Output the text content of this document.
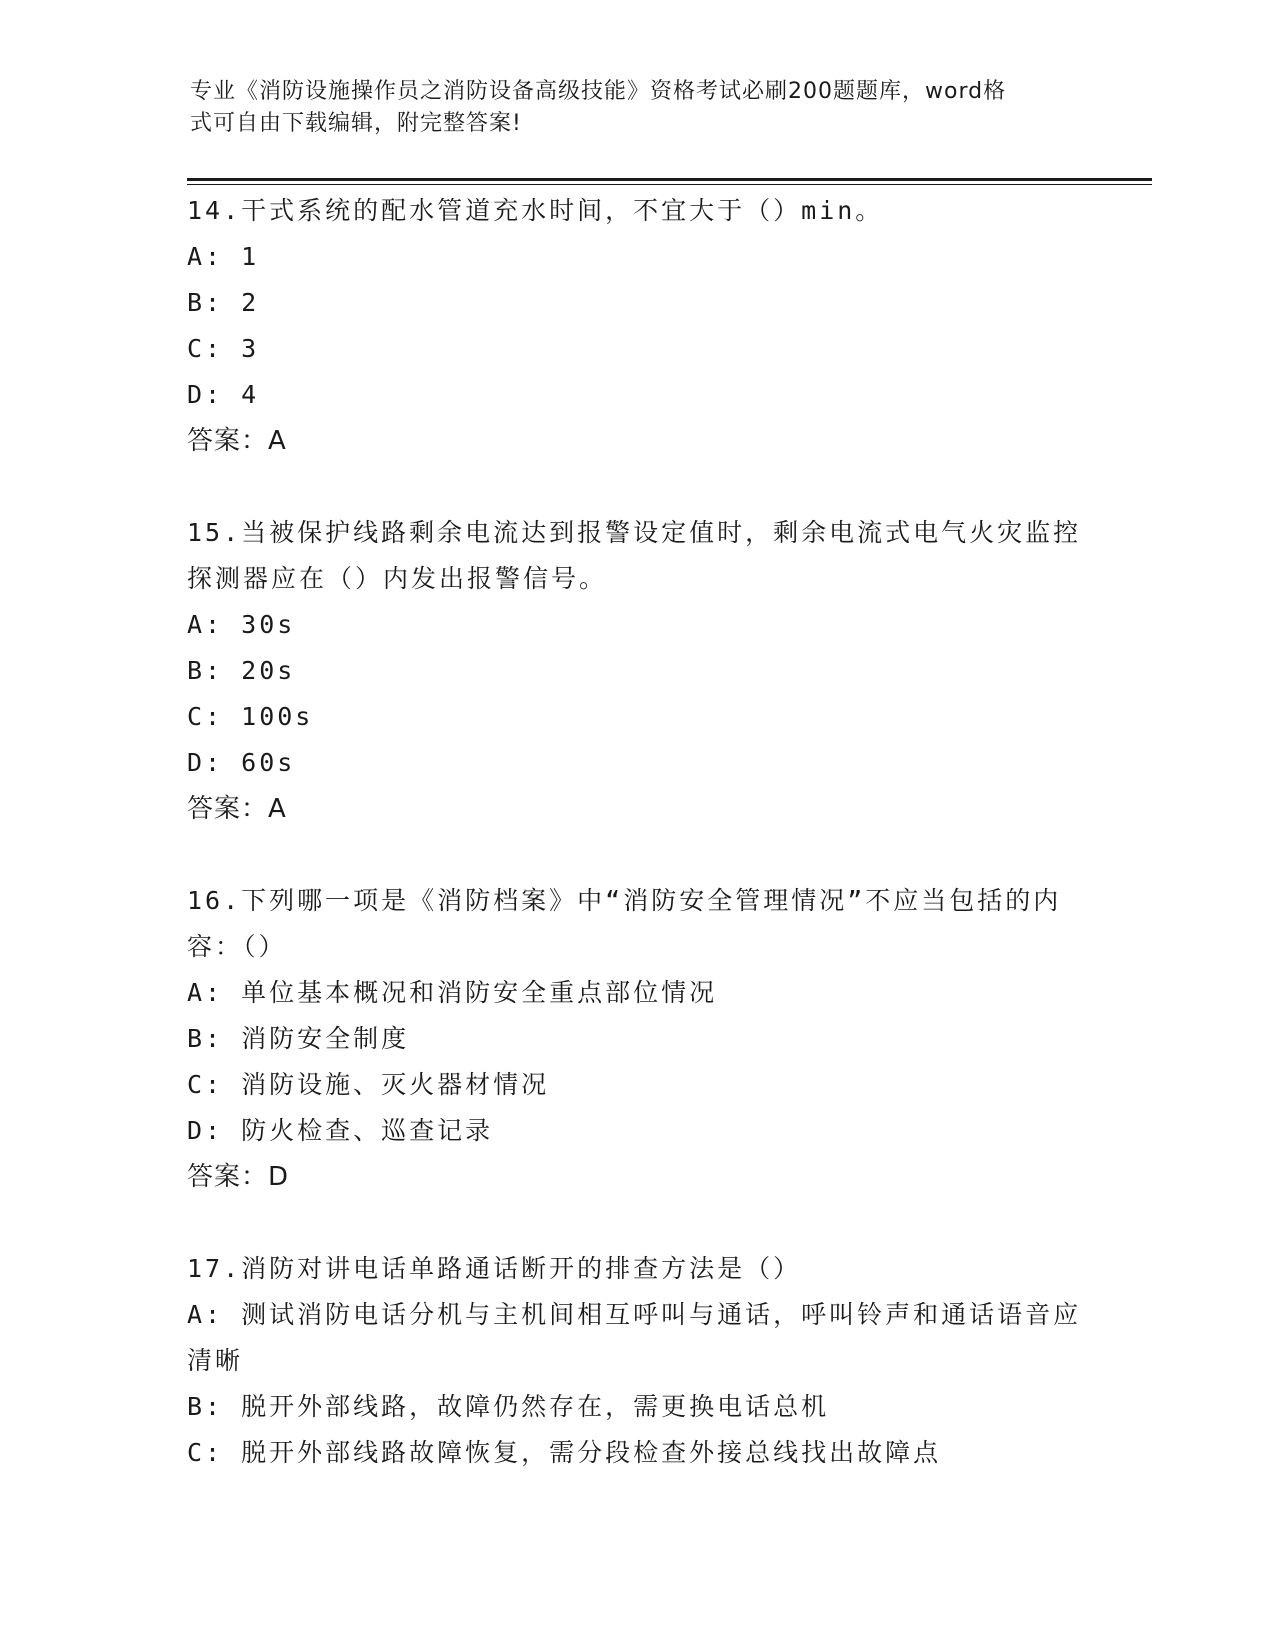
专业《消防设施操作员之消防设备高级技能》资格考试必刷200题题库，word格
式可自由下载编辑，附完整答案!

14.干式系统的配水管道充水时间，不宜大于（）min。

A: 1

B: 2

C: 3

D: 4

答案：A

15.当被保护线路剩余电流达到报警设定值时，剩余电流式电气火灾监控探测器应在（）内发出报警信号。

A: 30s

B: 20s

C: 100s

D: 60s

答案：A

16.下列哪一项是《消防档案》中“消防安全管理情况”不应当包括的内容：（）

A: 单位基本概况和消防安全重点部位情况

B: 消防安全制度

C: 消防设施、灭火器材情况

D: 防火检查、巡查记录

答案：D

17.消防对讲电话单路通话断开的排查方法是（）

A: 测试消防电话分机与主机间相互呼叫与通话，呼叫铃声和通话语音应清晰

B: 脱开外部线路，故障仍然存在，需更换电话总机

C: 脱开外部线路故障恢复，需分段检查外接总线找出故障点
